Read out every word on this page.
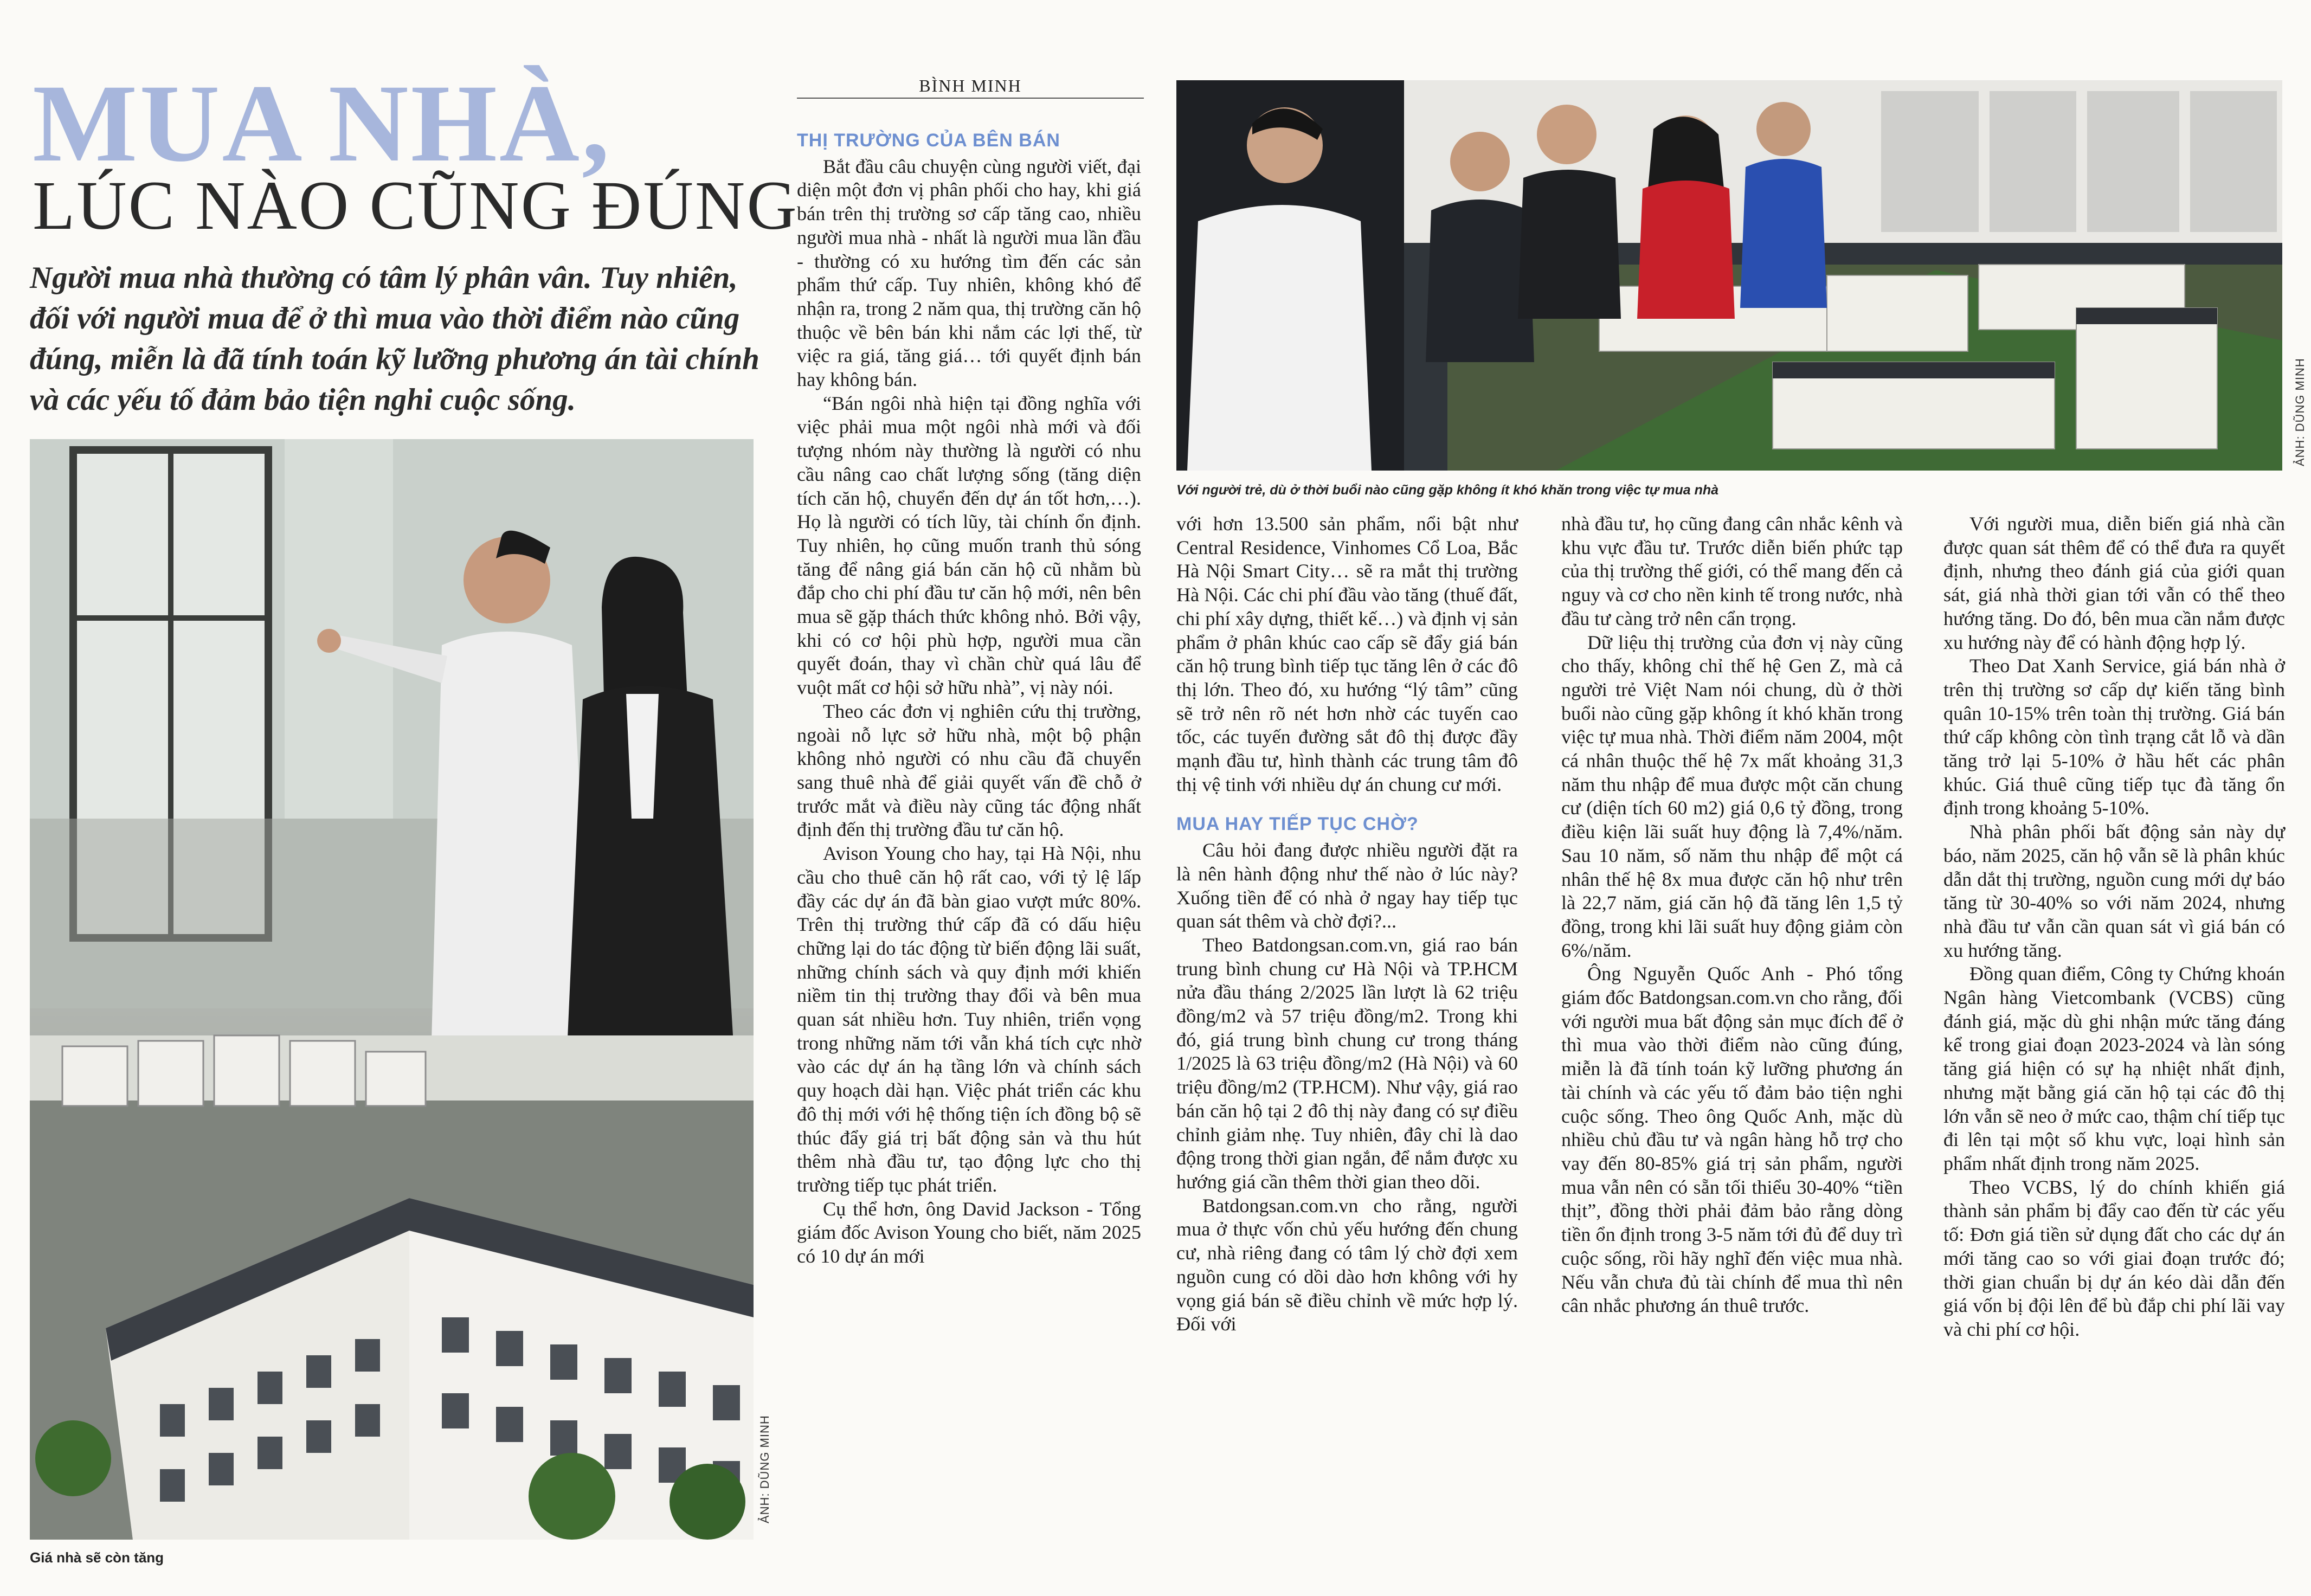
MUA NHÀ,
LÚC NÀO CŨNG ĐÚNG
Người mua nhà thường có tâm lý phân vân. Tuy nhiên, đối với người mua để ở thì mua vào thời điểm nào cũng đúng, miễn là đã tính toán kỹ lưỡng phương án tài chính và các yếu tố đảm bảo tiện nghi cuộc sống.
ẢNH: DŨNG MINH
Giá nhà sẽ còn tăng
BÌNH MINH

THỊ TRƯỜNG CỦA BÊN BÁN

Bắt đầu câu chuyện cùng người viết, đại diện một đơn vị phân phối cho hay, khi giá bán trên thị trường sơ cấp tăng cao, nhiều người mua nhà - nhất là người mua lần đầu - thường có xu hướng tìm đến các sản phẩm thứ cấp. Tuy nhiên, không khó để nhận ra, trong 2 năm qua, thị trường căn hộ thuộc về bên bán khi nắm các lợi thế, từ việc ra giá, tăng giá… tới quyết định bán hay không bán.

“Bán ngôi nhà hiện tại đồng nghĩa với việc phải mua một ngôi nhà mới và đối tượng nhóm này thường là người có nhu cầu nâng cao chất lượng sống (tăng diện tích căn hộ, chuyển đến dự án tốt hơn,…). Họ là người có tích lũy, tài chính ổn định. Tuy nhiên, họ cũng muốn tranh thủ sóng tăng để nâng giá bán căn hộ cũ nhằm bù đắp cho chi phí đầu tư căn hộ mới, nên bên mua sẽ gặp thách thức không nhỏ. Bởi vậy, khi có cơ hội phù hợp, người mua cần quyết đoán, thay vì chần chừ quá lâu để vuột mất cơ hội sở hữu nhà”, vị này nói.

Theo các đơn vị nghiên cứu thị trường, ngoài nỗ lực sở hữu nhà, một bộ phận không nhỏ người có nhu cầu đã chuyển sang thuê nhà để giải quyết vấn đề chỗ ở trước mắt và điều này cũng tác động nhất định đến thị trường đầu tư căn hộ.

Avison Young cho hay, tại Hà Nội, nhu cầu cho thuê căn hộ rất cao, với tỷ lệ lấp đầy các dự án đã bàn giao vượt mức 80%. Trên thị trường thứ cấp đã có dấu hiệu chững lại do tác động từ biến động lãi suất, những chính sách và quy định mới khiến niềm tin thị trường thay đổi và bên mua quan sát nhiều hơn. Tuy nhiên, triển vọng trong những năm tới vẫn khá tích cực nhờ vào các dự án hạ tầng lớn và chính sách quy hoạch dài hạn. Việc phát triển các khu đô thị mới với hệ thống tiện ích đồng bộ sẽ thúc đẩy giá trị bất động sản và thu hút thêm nhà đầu tư, tạo động lực cho thị trường tiếp tục phát triển.

Cụ thể hơn, ông David Jackson - Tổng giám đốc Avison Young cho biết, năm 2025 có 10 dự án mới

ẢNH: DŨNG MINH
Với người trẻ, dù ở thời buổi nào cũng gặp không ít khó khăn trong việc tự mua nhà

với hơn 13.500 sản phẩm, nổi bật như Central Residence, Vinhomes Cổ Loa, Bắc Hà Nội Smart City… sẽ ra mắt thị trường Hà Nội. Các chi phí đầu vào tăng (thuế đất, chi phí xây dựng, thiết kế…) và định vị sản phẩm ở phân khúc cao cấp sẽ đẩy giá bán căn hộ trung bình tiếp tục tăng lên ở các đô thị lớn. Theo đó, xu hướng “lý tâm” cũng sẽ trở nên rõ nét hơn nhờ các tuyến cao tốc, các tuyến đường sắt đô thị được đầy mạnh đầu tư, hình thành các trung tâm đô thị vệ tinh với nhiều dự án chung cư mới.

MUA HAY TIẾP TỤC CHỜ?

Câu hỏi đang được nhiều người đặt ra là nên hành động như thế nào ở lúc này? Xuống tiền để có nhà ở ngay hay tiếp tục quan sát thêm và chờ đợi?...

Theo Batdongsan.com.vn, giá rao bán trung bình chung cư Hà Nội và TP.HCM nửa đầu tháng 2/2025 lần lượt là 62 triệu đồng/m2 và 57 triệu đồng/m2. Trong khi đó, giá trung bình chung cư trong tháng 1/2025 là 63 triệu đồng/m2 (Hà Nội) và 60 triệu đồng/m2 (TP.HCM). Như vậy, giá rao bán căn hộ tại 2 đô thị này đang có sự điều chỉnh giảm nhẹ. Tuy nhiên, đây chỉ là dao động trong thời gian ngắn, để nắm được xu hướng giá cần thêm thời gian theo dõi.

Batdongsan.com.vn cho rằng, người mua ở thực vốn chủ yếu hướng đến chung cư, nhà riêng đang có tâm lý chờ đợi xem nguồn cung có dồi dào hơn không với hy vọng giá bán sẽ điều chỉnh về mức hợp lý. Đối với

nhà đầu tư, họ cũng đang cân nhắc kênh và khu vực đầu tư. Trước diễn biến phức tạp của thị trường thế giới, có thể mang đến cả nguy và cơ cho nền kinh tế trong nước, nhà đầu tư càng trở nên cẩn trọng.

Dữ liệu thị trường của đơn vị này cũng cho thấy, không chỉ thế hệ Gen Z, mà cả người trẻ Việt Nam nói chung, dù ở thời buổi nào cũng gặp không ít khó khăn trong việc tự mua nhà. Thời điểm năm 2004, một cá nhân thuộc thế hệ 7x mất khoảng 31,3 năm thu nhập để mua được một căn chung cư (diện tích 60 m2) giá 0,6 tỷ đồng, trong điều kiện lãi suất huy động là 7,4%/năm. Sau 10 năm, số năm thu nhập để một cá nhân thế hệ 8x mua được căn hộ như trên là 22,7 năm, giá căn hộ đã tăng lên 1,5 tỷ đồng, trong khi lãi suất huy động giảm còn 6%/năm.

Ông Nguyễn Quốc Anh - Phó tổng giám đốc Batdongsan.com.vn cho rằng, đối với người mua bất động sản mục đích để ở thì mua vào thời điểm nào cũng đúng, miễn là đã tính toán kỹ lưỡng phương án tài chính và các yếu tố đảm bảo tiện nghi cuộc sống. Theo ông Quốc Anh, mặc dù nhiều chủ đầu tư và ngân hàng hỗ trợ cho vay đến 80-85% giá trị sản phẩm, người mua vẫn nên có sẵn tối thiểu 30-40% “tiền thịt”, đồng thời phải đảm bảo rằng dòng tiền ổn định trong 3-5 năm tới đủ để duy trì cuộc sống, rồi hãy nghĩ đến việc mua nhà. Nếu vẫn chưa đủ tài chính để mua thì nên cân nhắc phương án thuê trước.

Với người mua, diễn biến giá nhà cần được quan sát thêm để có thể đưa ra quyết định, nhưng theo đánh giá của giới quan sát, giá nhà thời gian tới vẫn có thể theo hướng tăng. Do đó, bên mua cần nắm được xu hướng này để có hành động hợp lý.

Theo Dat Xanh Service, giá bán nhà ở trên thị trường sơ cấp dự kiến tăng bình quân 10-15% trên toàn thị trường. Giá bán thứ cấp không còn tình trạng cắt lỗ và dần tăng trở lại 5-10% ở hầu hết các phân khúc. Giá thuê cũng tiếp tục đà tăng ổn định trong khoảng 5-10%.

Nhà phân phối bất động sản này dự báo, năm 2025, căn hộ vẫn sẽ là phân khúc dẫn dắt thị trường, nguồn cung mới dự báo tăng từ 30-40% so với năm 2024, nhưng nhà đầu tư vẫn cần quan sát vì giá bán có xu hướng tăng.

Đồng quan điểm, Công ty Chứng khoán Ngân hàng Vietcombank (VCBS) cũng đánh giá, mặc dù ghi nhận mức tăng đáng kể trong giai đoạn 2023-2024 và làn sóng tăng giá hiện có sự hạ nhiệt nhất định, nhưng mặt bằng giá căn hộ tại các đô thị lớn vẫn sẽ neo ở mức cao, thậm chí tiếp tục đi lên tại một số khu vực, loại hình sản phẩm nhất định trong năm 2025.

Theo VCBS, lý do chính khiến giá thành sản phẩm bị đẩy cao đến từ các yếu tố: Đơn giá tiền sử dụng đất cho các dự án mới tăng cao so với giai đoạn trước đó; thời gian chuẩn bị dự án kéo dài dẫn đến giá vốn bị đội lên để bù đắp chi phí lãi vay và chi phí cơ hội.
